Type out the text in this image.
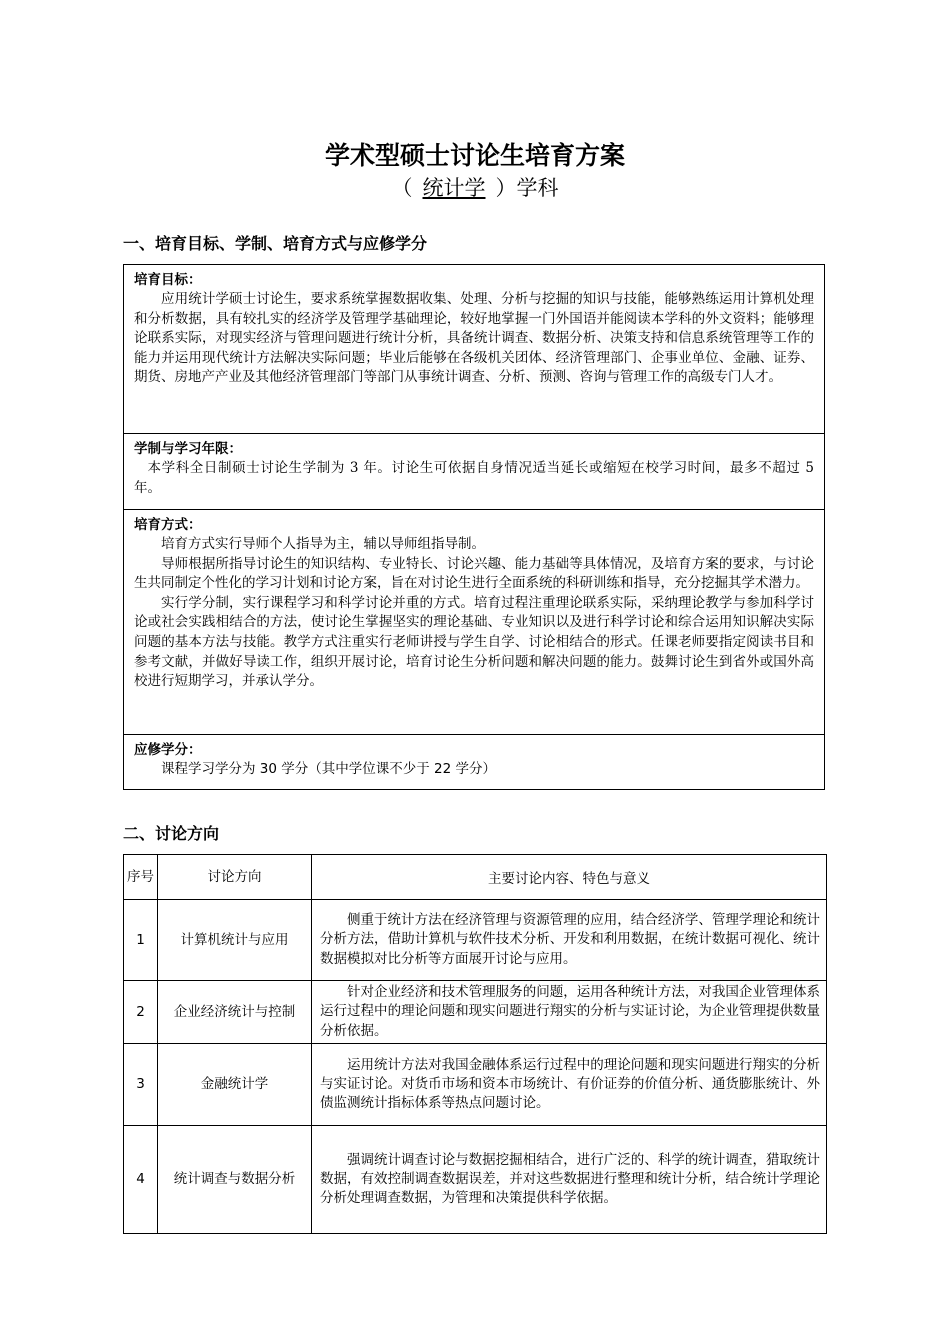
学术型硕士讨论生培育方案
（ 统计学 ）学科
一、培育目标、学制、培育方式与应修学分
培育目标：

应用统计学硕士讨论生，要求系统掌握数据收集、处理、分析与挖掘的知识与技能，能够熟练运用计算机处理和分析数据，具有较扎实的经济学及管理学基础理论，较好地掌握一门外国语并能阅读本学科的外文资料；能够理论联系实际，对现实经济与管理问题进行统计分析，具备统计调查、数据分析、决策支持和信息系统管理等工作的能力并运用现代统计方法解决实际问题；毕业后能够在各级机关团体、经济管理部门、企事业单位、金融、证券、期货、房地产产业及其他经济管理部门等部门从事统计调查、分析、预测、咨询与管理工作的高级专门人才。

学制与学习年限：

本学科全日制硕士讨论生学制为 3 年。讨论生可依据自身情况适当延长或缩短在校学习时间，最多不超过 5 年。

培育方式：

培育方式实行导师个人指导为主，辅以导师组指导制。

导师根据所指导讨论生的知识结构、专业特长、讨论兴趣、能力基础等具体情况，及培育方案的要求，与讨论生共同制定个性化的学习计划和讨论方案，旨在对讨论生进行全面系统的科研训练和指导，充分挖掘其学术潜力。

实行学分制，实行课程学习和科学讨论并重的方式。培育过程注重理论联系实际，采纳理论教学与参加科学讨论或社会实践相结合的方法，使讨论生掌握坚实的理论基础、专业知识以及进行科学讨论和综合运用知识解决实际问题的基本方法与技能。教学方式注重实行老师讲授与学生自学、讨论相结合的形式。任课老师要指定阅读书目和参考文献，并做好导读工作，组织开展讨论，培育讨论生分析问题和解决问题的能力。鼓舞讨论生到省外或国外高校进行短期学习，并承认学分。

应修学分：

课程学习学分为 30 学分（其中学位课不少于 22 学分）

二、讨论方向
序号	讨论方向	主要讨论内容、特色与意义
1	计算机统计与应用	侧重于统计方法在经济管理与资源管理的应用，结合经济学、管理学理论和统计分析方法，借助计算机与软件技术分析、开发和利用数据，在统计数据可视化、统计数据模拟对比分析等方面展开讨论与应用。

2	企业经济统计与控制	针对企业经济和技术管理服务的问题，运用各种统计方法，对我国企业管理体系运行过程中的理论问题和现实问题进行翔实的分析与实证讨论，为企业管理提供数量分析依据。

3	金融统计学	运用统计方法对我国金融体系运行过程中的理论问题和现实问题进行翔实的分析与实证讨论。对货币市场和资本市场统计、有价证券的价值分析、通货膨胀统计、外债监测统计指标体系等热点问题讨论。

4	统计调查与数据分析	强调统计调查讨论与数据挖掘相结合，进行广泛的、科学的统计调查，猎取统计数据，有效控制调查数据误差，并对这些数据进行整理和统计分析，结合统计学理论分析处理调查数据，为管理和决策提供科学依据。
